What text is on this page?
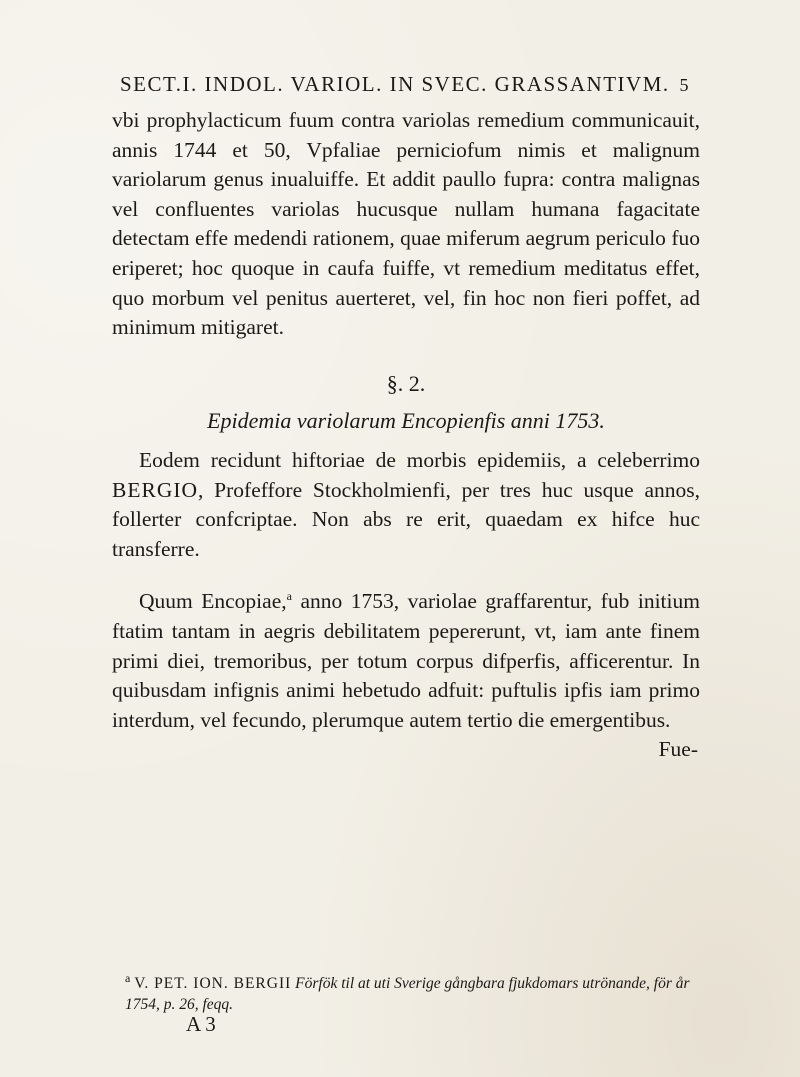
SECT.I. INDOL. VARIOL. IN SVEC. GRASSANTIVM. 5

vbi prophylacticum fuum contra variolas remedium communicauit, annis 1744 et 50, Vpfaliae perniciofum nimis et malignum variolarum genus inualuiffe. Et addit paullo fupra: contra malignas vel confluentes variolas hucusque nullam humana fagacitate detectam effe medendi rationem, quae miferum aegrum periculo fuo eriperet; hoc quoque in caufa fuiffe, vt remedium meditatus effet, quo morbum vel penitus auerteret, vel, fin hoc non fieri poffet, ad minimum mitigaret.

§. 2.

Epidemia variolarum Encopienfis anni 1753.

Eodem recidunt hiftoriae de morbis epidemiis, a celeberrimo BERGIO, Profeffore Stockholmienfi, per tres huc usque annos, follerter confcriptae. Non abs re erit, quaedam ex hifce huc transferre.

Quum Encopiae,$^a$ anno 1753, variolae graffarentur, fub initium ftatim tantam in aegris debilitatem pepererunt, vt, iam ante finem primi diei, tremoribus, per totum corpus difperfis, afficerentur. In quibusdam infignis animi hebetudo adfuit: puftulis ipfis iam primo interdum, vel fecundo, plerumque autem tertio die emergentibus.

Fue-

$^a$ V. PET. ION. BERGII Förfök til at uti Sverige gångbara fjukdomars utrönande, för år 1754, p. 26, feqq.
A 3
